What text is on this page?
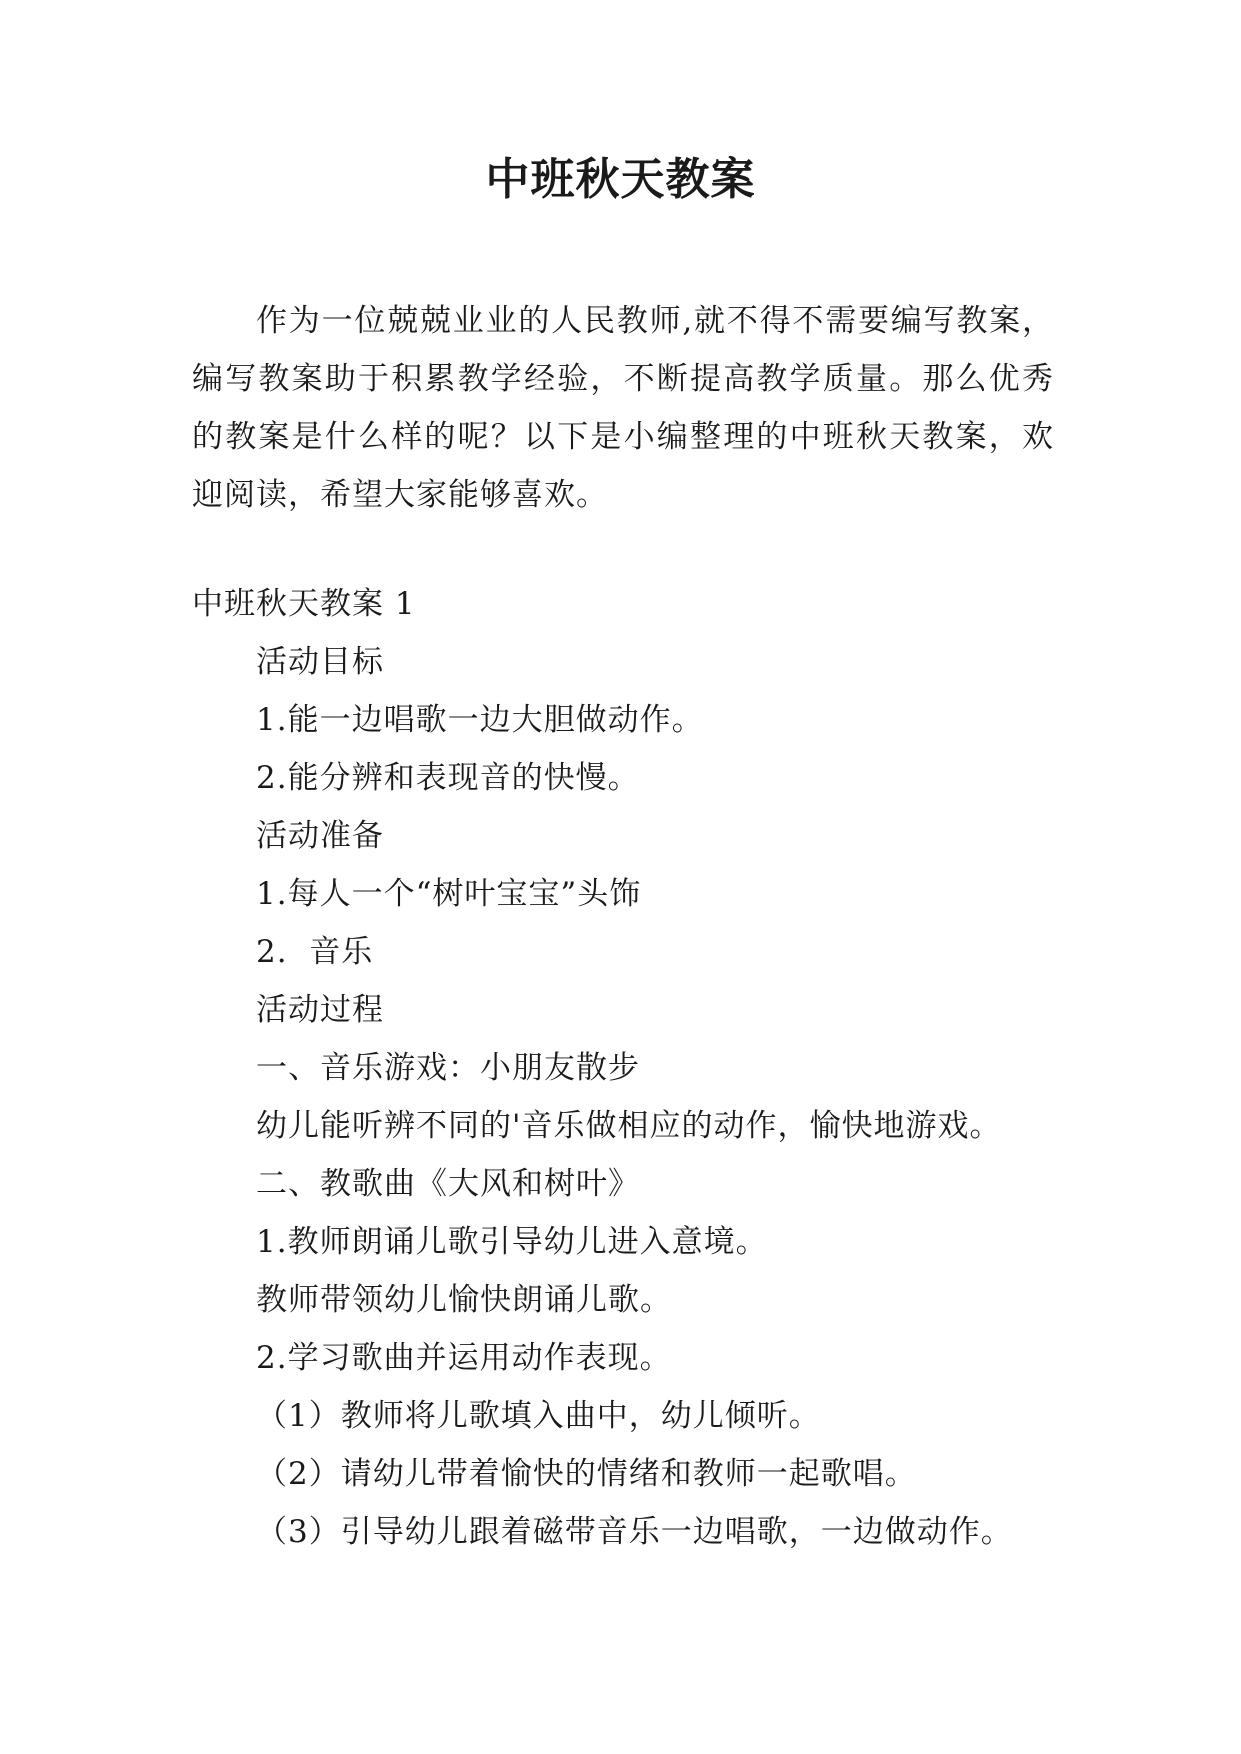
中班秋天教案

作为一位兢兢业业的人民教师,就不得不需要编写教案，编写教案助于积累教学经验，不断提高教学质量。那么优秀的教案是什么样的呢？以下是小编整理的中班秋天教案，欢迎阅读，希望大家能够喜欢。

中班秋天教案 1
活动目标
1.能一边唱歌一边大胆做动作。
2.能分辨和表现音的快慢。
活动准备
1.每人一个“树叶宝宝”头饰
2.  音乐
活动过程
一、音乐游戏：小朋友散步
幼儿能听辨不同的'音乐做相应的动作，愉快地游戏。
二、教歌曲《大风和树叶》
1.教师朗诵儿歌引导幼儿进入意境。
教师带领幼儿愉快朗诵儿歌。
2.学习歌曲并运用动作表现。
（1）教师将儿歌填入曲中，幼儿倾听。
（2）请幼儿带着愉快的情绪和教师一起歌唱。
（3）引导幼儿跟着磁带音乐一边唱歌，一边做动作。
